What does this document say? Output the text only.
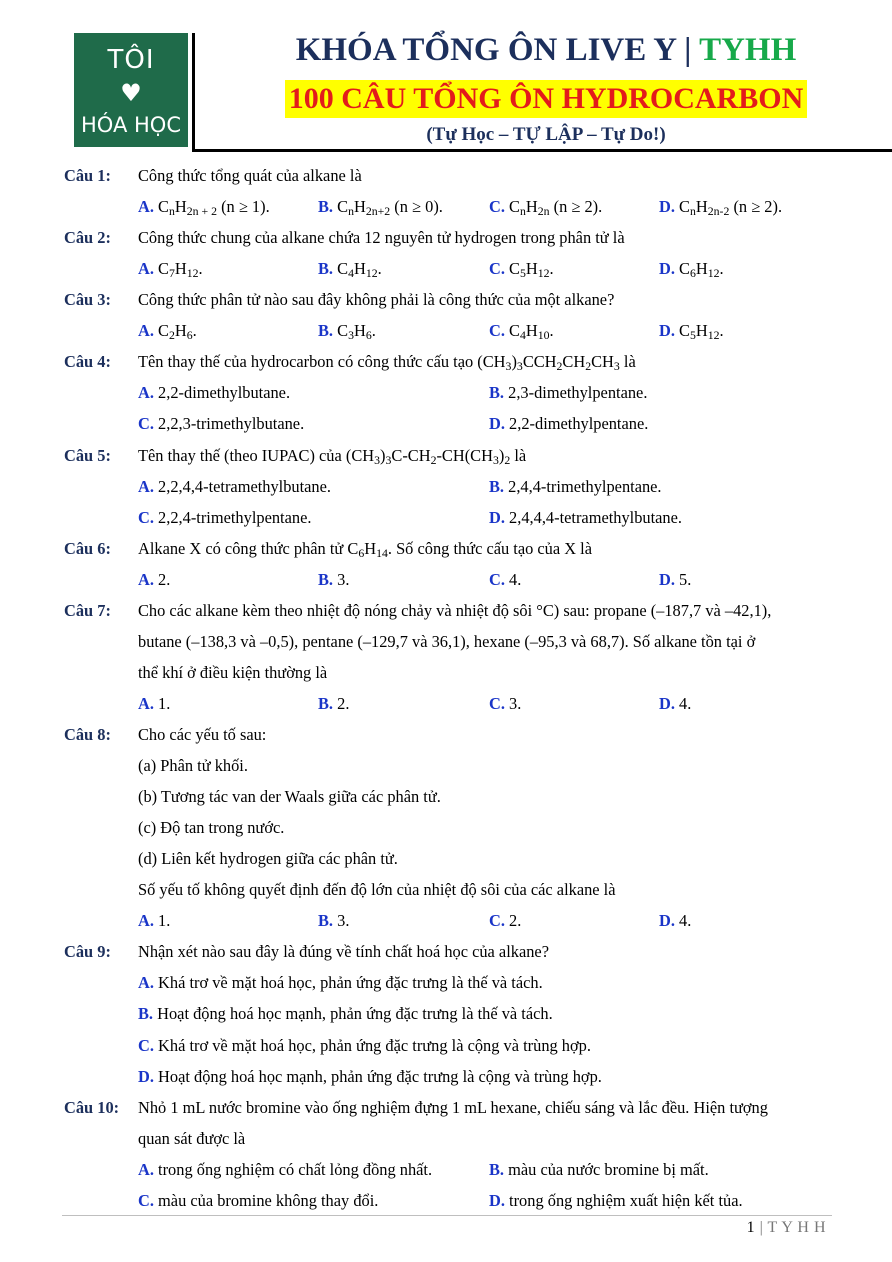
TÔI
♥
HÓA HỌC
KHÓA TỔNG ÔN LIVE Y | TYHH
100 CÂU TỔNG ÔN HYDROCARBON
(Tự Học – TỰ LẬP – Tự Do!)
Câu 1: Công thức tổng quát của alkane là
A. $C_nH_{2n + 2}$ (n ≥ 1).	B. $C_nH_{2n+2}$ (n ≥ 0).	C. $C_nH_{2n}$ (n ≥ 2).	D. $C_nH_{2n-2}$ (n ≥ 2).
Câu 2: Công thức chung của alkane chứa 12 nguyên tử hydrogen trong phân tử là
A. $C_7H_{12}$.	B. $C_4H_{12}$.	C. $C_5H_{12}$.	D. $C_6H_{12}$.
Câu 3: Công thức phân tử nào sau đây không phải là công thức của một alkane?
A. $C_2H_6$.	B. $C_3H_6$.	C. $C_4H_{10}$.	D. $C_5H_{12}$.
Câu 4: Tên thay thế của hydrocarbon có công thức cấu tạo $(CH_3)_3CCH_2CH_2CH_3$ là
A. 2,2-dimethylbutane.	B. 2,3-dimethylpentane.
C. 2,2,3-trimethylbutane.	D. 2,2-dimethylpentane.
Câu 5: Tên thay thế (theo IUPAC) của $(CH_3)_3C-CH_2-CH(CH_3)_2$ là
A. 2,2,4,4-tetramethylbutane.	B. 2,4,4-trimethylpentane.
C. 2,2,4-trimethylpentane.	D. 2,4,4,4-tetramethylbutane.
Câu 6: Alkane X có công thức phân tử $C_6H_{14}$. Số công thức cấu tạo của X là
A. 2.	B. 3.	C. 4.	D. 5.
Câu 7: Cho các alkane kèm theo nhiệt độ nóng chảy và nhiệt độ sôi °C) sau: propane (–187,7 và –42,1),
butane (–138,3 và –0,5), pentane (–129,7 và 36,1), hexane (–95,3 và 68,7). Số alkane tồn tại ở
thể khí ở điều kiện thường là
A. 1.	B. 2.	C. 3.	D. 4.
Câu 8: Cho các yếu tố sau:
(a) Phân tử khối.
(b) Tương tác van der Waals giữa các phân tử.
(c) Độ tan trong nước.
(d) Liên kết hydrogen giữa các phân tử.
Số yếu tố không quyết định đến độ lớn của nhiệt độ sôi của các alkane là
A. 1.	B. 3.	C. 2.	D. 4.
Câu 9: Nhận xét nào sau đây là đúng về tính chất hoá học của alkane?
A. Khá trơ về mặt hoá học, phản ứng đặc trưng là thế và tách.
B. Hoạt động hoá học mạnh, phản ứng đặc trưng là thế và tách.
C. Khá trơ về mặt hoá học, phản ứng đặc trưng là cộng và trùng hợp.
D. Hoạt động hoá học mạnh, phản ứng đặc trưng là cộng và trùng hợp.
Câu 10: Nhỏ 1 mL nước bromine vào ống nghiệm đựng 1 mL hexane, chiếu sáng và lắc đều. Hiện tượng
quan sát được là
A. trong ống nghiệm có chất lỏng đồng nhất.	B. màu của nước bromine bị mất.
C. màu của bromine không thay đổi.	D. trong ống nghiệm xuất hiện kết tủa.
1 | T Y H H
